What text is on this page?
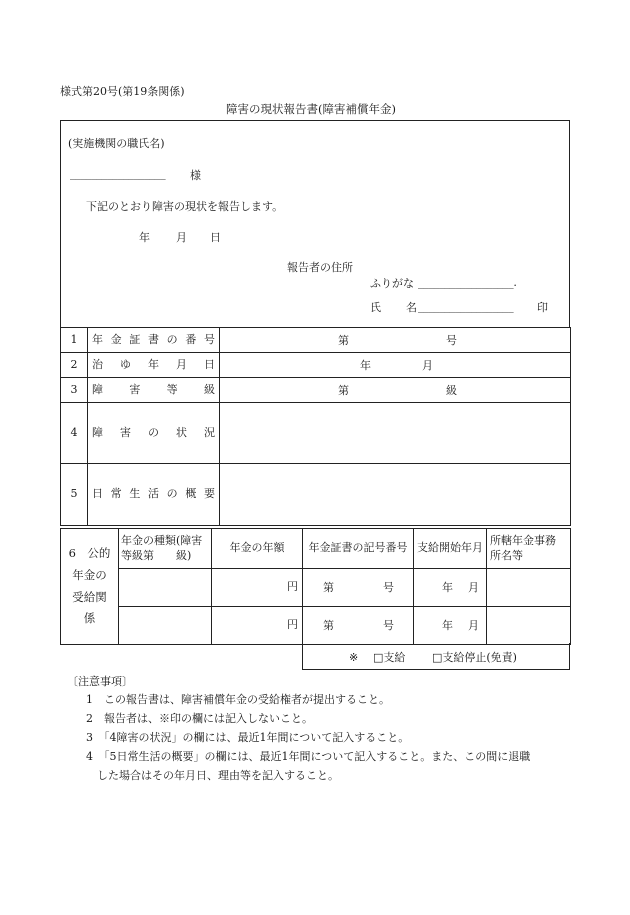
様式第20号(第19条関係)
障害の現状報告書(障害補償年金)
(実施機関の職氏名)
__________________ 様
下記のとおり障害の現状を報告します。
年 月 日
報告者の住所
ふりがな __________________.
氏 名 __________________ 印
1	年 金 証 書 の 番 号	第 号

2	治　ゆ　年　月　日	年 月

3	障　　害　　等　　級	第 級

4	障　害　の　状　況	

5	日 常 生 活 の 概 要	

6　公的
年金の
受給関
係	年金の種類(障害
等級第　　級)	年金の年額	年金証書の記号番号	支給開始年月	所轄年金事務
所名等
		円	第 号	年 月	

		円	第 号	年 月	

※ □支給 □支給停止(免責)
〔注意事項〕
1　この報告書は、障害補償年金の受給権者が提出すること。
2　報告者は、※印の欄には記入しないこと。
3　「4障害の状況」の欄には、最近1年間について記入すること。
4　「5日常生活の概要」の欄には、最近1年間について記入すること。また、この間に退職
　した場合はその年月日、理由等を記入すること。
